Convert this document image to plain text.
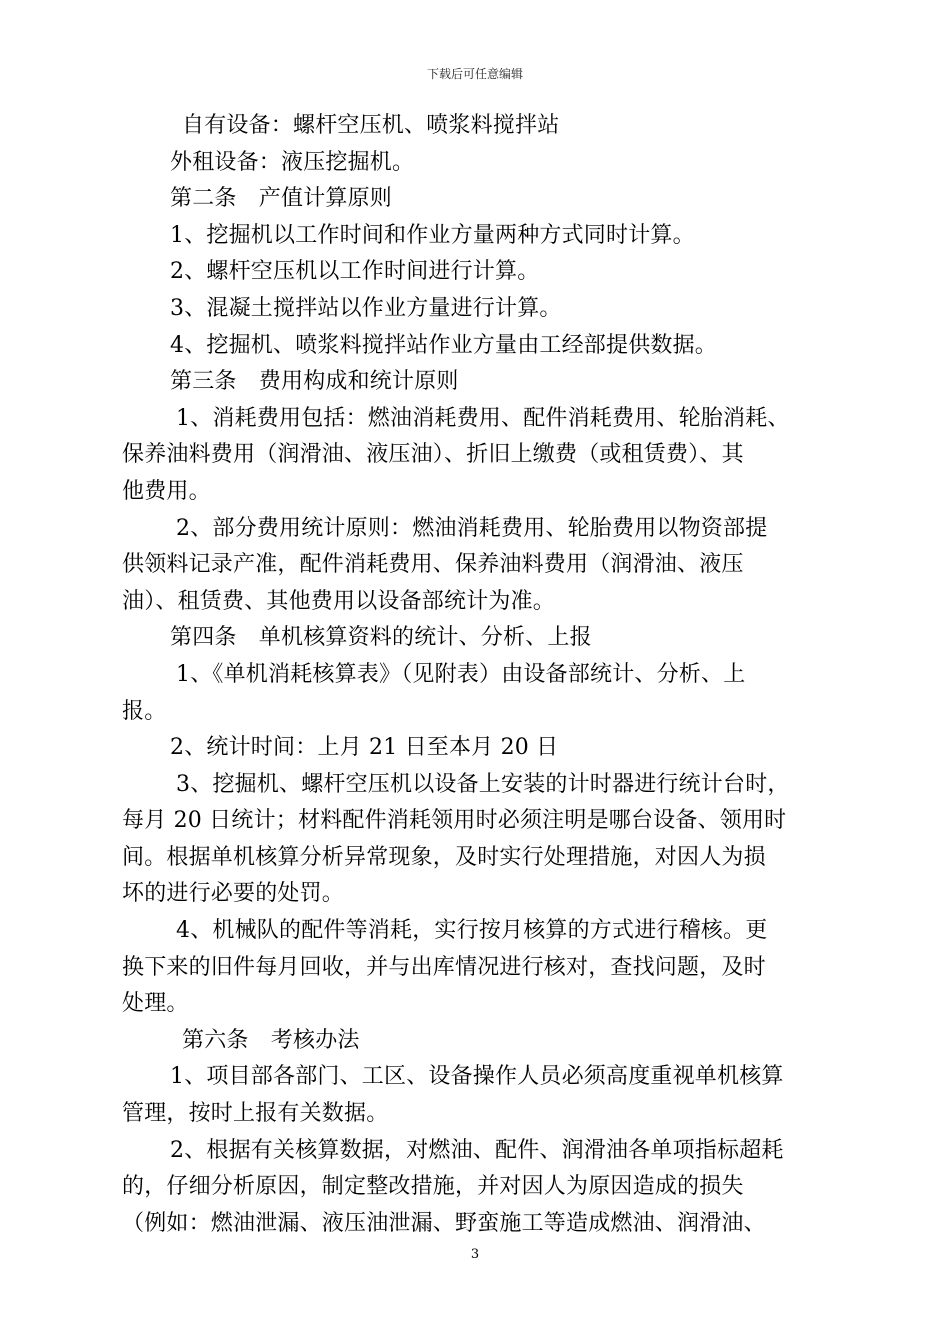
下载后可任意编辑

自有设备：螺杆空压机、喷浆料搅拌站

外租设备：液压挖掘机。

第二条　产值计算原则

1、挖掘机以工作时间和作业方量两种方式同时计算。

2、螺杆空压机以工作时间进行计算。

3、混凝土搅拌站以作业方量进行计算。

4、挖掘机、喷浆料搅拌站作业方量由工经部提供数据。

第三条　费用构成和统计原则

1、消耗费用包括：燃油消耗费用、配件消耗费用、轮胎消耗、

保养油料费用（润滑油、液压油）、折旧上缴费（或租赁费）、其

他费用。

2、部分费用统计原则：燃油消耗费用、轮胎费用以物资部提

供领料记录产准，配件消耗费用、保养油料费用（润滑油、液压

油）、租赁费、其他费用以设备部统计为准。

第四条　单机核算资料的统计、分析、上报

1、《单机消耗核算表》（见附表）由设备部统计、分析、上

报。

2、统计时间：上月 21 日至本月 20 日

3、挖掘机、螺杆空压机以设备上安装的计时器进行统计台时，

每月 20 日统计；材料配件消耗领用时必须注明是哪台设备、领用时

间。根据单机核算分析异常现象，及时实行处理措施，对因人为损

坏的进行必要的处罚。

4、机械队的配件等消耗，实行按月核算的方式进行稽核。更

换下来的旧件每月回收，并与出库情况进行核对，查找问题，及时

处理。

第六条　考核办法

1、项目部各部门、工区、设备操作人员必须高度重视单机核算

管理，按时上报有关数据。

2、根据有关核算数据，对燃油、配件、润滑油各单项指标超耗

的，仔细分析原因，制定整改措施，并对因人为原因造成的损失

（例如：燃油泄漏、液压油泄漏、野蛮施工等造成燃油、润滑油、

3
